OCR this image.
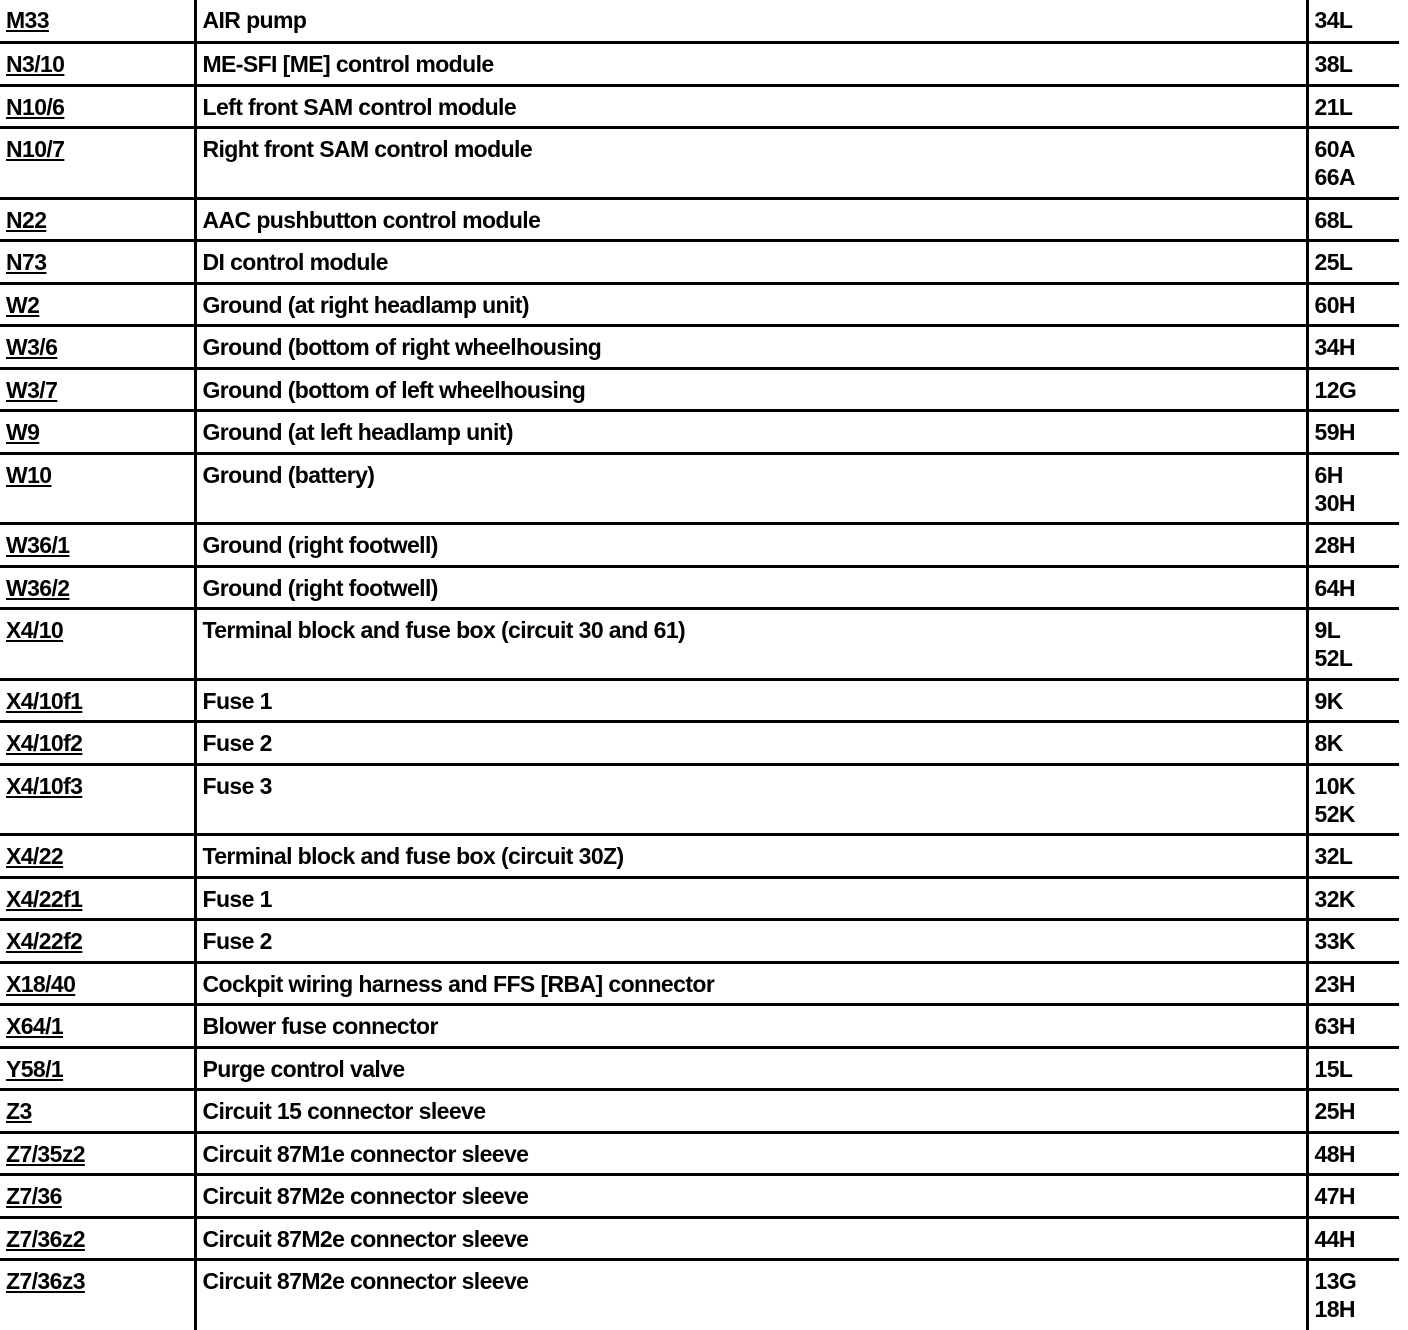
M33	AIR pump	34L

N3/10	ME-SFI [ME] control module	38L

N10/6	Left front SAM control module	21L

N10/7	Right front SAM control module	60A
66A

N22	AAC pushbutton control module	68L

N73	DI control module	25L

W2	Ground (at right headlamp unit)	60H

W3/6	Ground (bottom of right wheelhousing	34H

W3/7	Ground (bottom of left wheelhousing	12G

W9	Ground (at left headlamp unit)	59H

W10	Ground (battery)	6H
30H

W36/1	Ground (right footwell)	28H

W36/2	Ground (right footwell)	64H

X4/10	Terminal block and fuse box (circuit 30 and 61)	9L
52L

X4/10f1	Fuse 1	9K

X4/10f2	Fuse 2	8K

X4/10f3	Fuse 3	10K
52K

X4/22	Terminal block and fuse box (circuit 30Z)	32L

X4/22f1	Fuse 1	32K

X4/22f2	Fuse 2	33K

X18/40	Cockpit wiring harness and FFS [RBA] connector	23H

X64/1	Blower fuse connector	63H

Y58/1	Purge control valve	15L

Z3	Circuit 15 connector sleeve	25H

Z7/35z2	Circuit 87M1e connector sleeve	48H

Z7/36	Circuit 87M2e connector sleeve	47H

Z7/36z2	Circuit 87M2e connector sleeve	44H

Z7/36z3	Circuit 87M2e connector sleeve	13G
18H
